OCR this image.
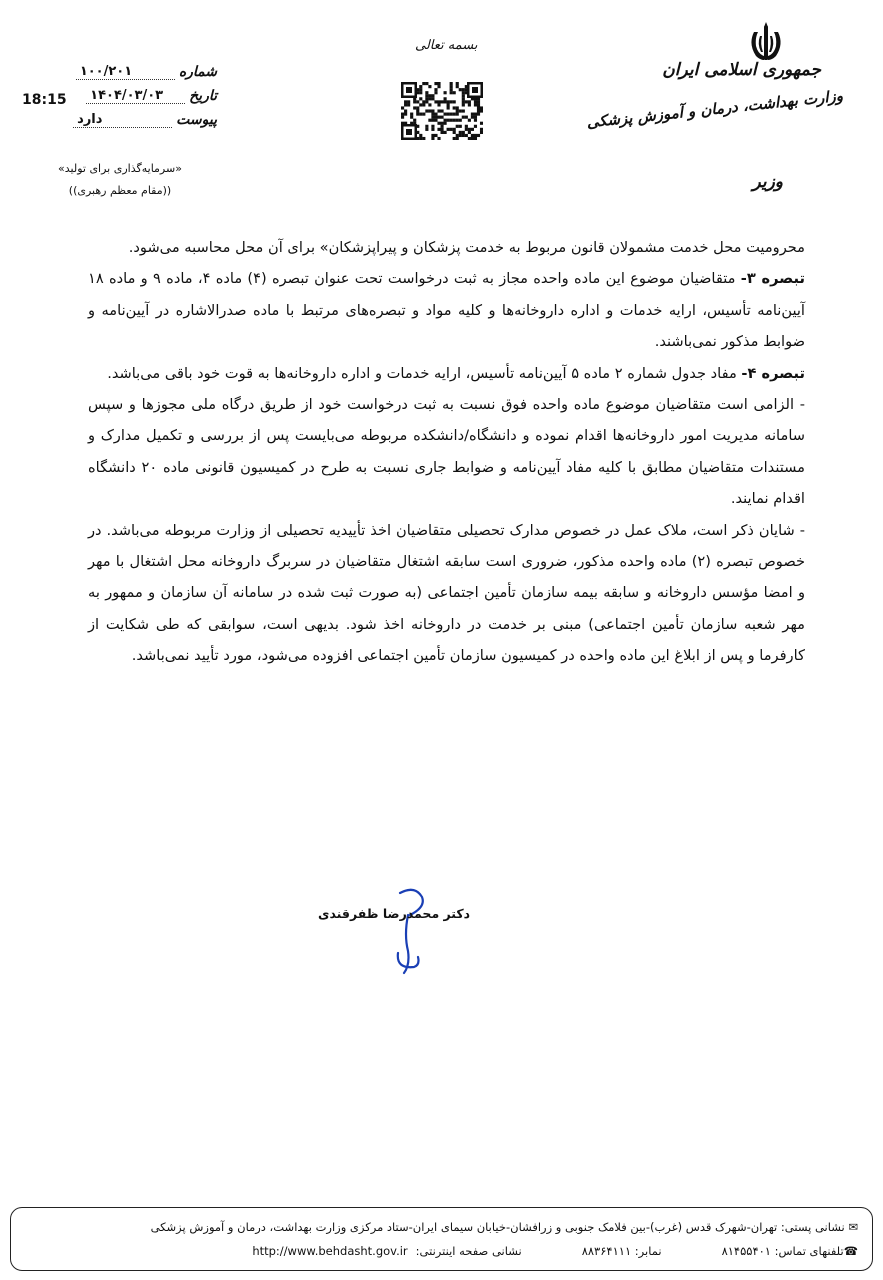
جمهوری اسلامی ایران
وزارت بهداشت، درمان و آموزش پزشکی
وزیر
بسمه تعالی
شماره
۱۰۰/۲۰۱
تاریخ
۱۴۰۴/۰۳/۰۳
پیوست
دارد
18:15
«سرمایه‌گذاری برای تولید»
((مقام معظم رهبری))

محرومیت محل خدمت مشمولان قانون مربوط به خدمت پزشکان و پیراپزشکان» برای آن محل محاسبه می‌شود.

تبصره ۳- متقاضیان موضوع این ماده واحده مجاز به ثبت درخواست تحت عنوان تبصره (۴) ماده ۴، ماده ۹ و ماده ۱۸ آیین‌نامه تأسیس، ارایه خدمات و اداره داروخانه‌ها و کلیه مواد و تبصره‌های مرتبط با ماده صدرالاشاره در آیین‌نامه و ضوابط مذکور نمی‌باشند.

تبصره ۴- مفاد جدول شماره ۲ ماده ۵ آیین‌نامه تأسیس، ارایه خدمات و اداره داروخانه‌ها به قوت خود باقی می‌باشد.

- الزامی است متقاضیان موضوع ماده واحده فوق نسبت به ثبت درخواست خود از طریق درگاه ملی مجوزها و سپس سامانه مدیریت امور داروخانه‌ها اقدام نموده و دانشگاه/دانشکده مربوطه می‌بایست پس از بررسی و تکمیل مدارک و مستندات متقاضیان مطابق با کلیه مفاد آیین‌نامه و ضوابط جاری نسبت به طرح در کمیسیون قانونی ماده ۲۰ دانشگاه اقدام نمایند.

- شایان ذکر است، ملاک عمل در خصوص مدارک تحصیلی متقاضیان اخذ تأییدیه تحصیلی از وزارت مربوطه می‌باشد. در خصوص تبصره (۲) ماده واحده مذکور، ضروری است سابقه اشتغال متقاضیان در سربرگ داروخانه محل اشتغال با مهر و امضا مؤسس داروخانه و سابقه بیمه سازمان تأمین اجتماعی (به صورت ثبت شده در سامانه آن سازمان و ممهور به مهر شعبه سازمان تأمین اجتماعی) مبنی بر خدمت در داروخانه اخذ شود. بدیهی است، سوابقی که طی شکایت از کارفرما و پس از ابلاغ این ماده واحده در کمیسیون سازمان تأمین اجتماعی افزوده می‌شود، مورد تأیید نمی‌باشد.

دکتر محمدرضا ظفرقندی
✉ نشانی پستی: تهران-شهرک قدس (غرب)-بین فلامک جنوبی و زرافشان-خیابان سیمای ایران-ستاد مرکزی وزارت بهداشت، درمان و آموزش پزشکی
☎
تلفنهای تماس: ۸۱۴۵۵۴۰۱
نمابر: ۸۸۳۶۴۱۱۱
نشانی صفحه اینترنتی:
http://www.behdasht.gov.ir
